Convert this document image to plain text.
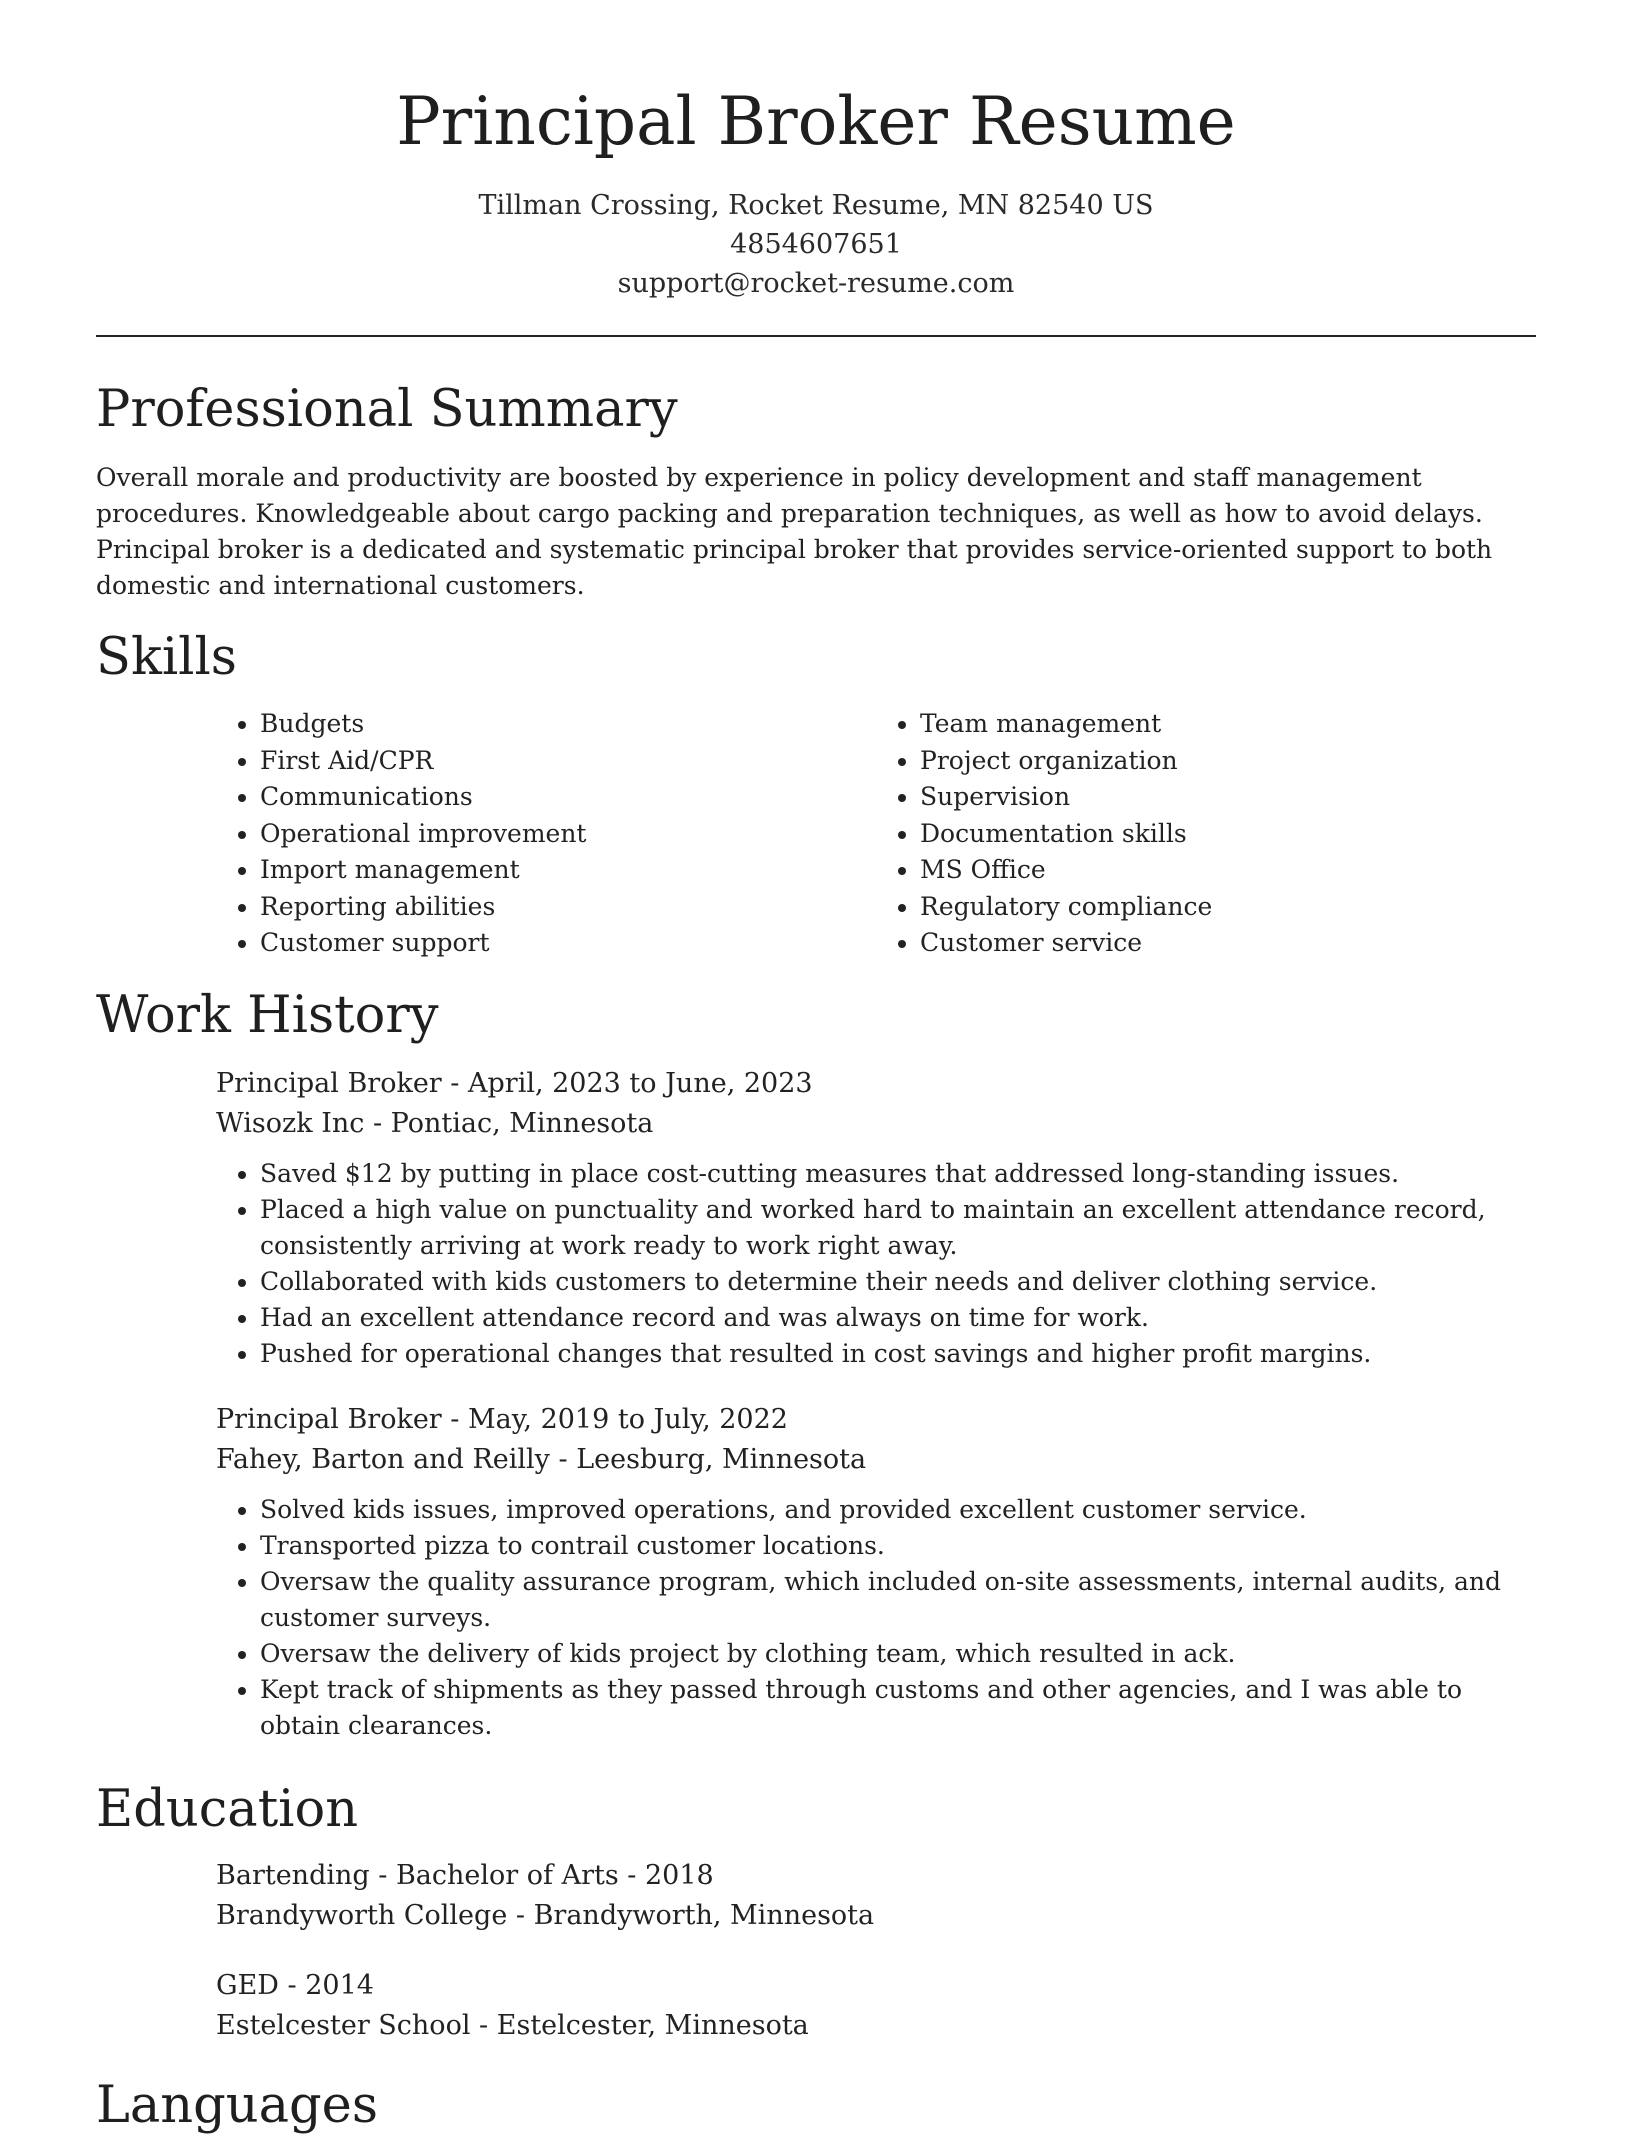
Principal Broker Resume
Tillman Crossing, Rocket Resume, MN 82540 US
4854607651
support@rocket-resume.com
Professional Summary

Overall morale and productivity are boosted by experience in policy development and staff management procedures. Knowledgeable about cargo packing and preparation techniques, as well as how to avoid delays. Principal broker is a dedicated and systematic principal broker that provides service-oriented support to both domestic and international customers.

Skills
• Budgets
• First Aid/CPR
• Communications
• Operational improvement
• Import management
• Reporting abilities
• Customer support
• Team management
• Project organization
• Supervision
• Documentation skills
• MS Office
• Regulatory compliance
• Customer service
Work History
Principal Broker - April, 2023 to June, 2023
Wisozk Inc - Pontiac, Minnesota
• Saved $12 by putting in place cost-cutting measures that addressed long-standing issues.
• Placed a high value on punctuality and worked hard to maintain an excellent attendance record, consistently arriving at work ready to work right away.
• Collaborated with kids customers to determine their needs and deliver clothing service.
• Had an excellent attendance record and was always on time for work.
• Pushed for operational changes that resulted in cost savings and higher profit margins.
Principal Broker - May, 2019 to July, 2022
Fahey, Barton and Reilly - Leesburg, Minnesota
• Solved kids issues, improved operations, and provided excellent customer service.
• Transported pizza to contrail customer locations.
• Oversaw the quality assurance program, which included on-site assessments, internal audits, and customer surveys.
• Oversaw the delivery of kids project by clothing team, which resulted in ack.
• Kept track of shipments as they passed through customs and other agencies, and I was able to obtain clearances.
Education
Bartending - Bachelor of Arts - 2018
Brandyworth College - Brandyworth, Minnesota
GED - 2014
Estelcester School - Estelcester, Minnesota
Languages
